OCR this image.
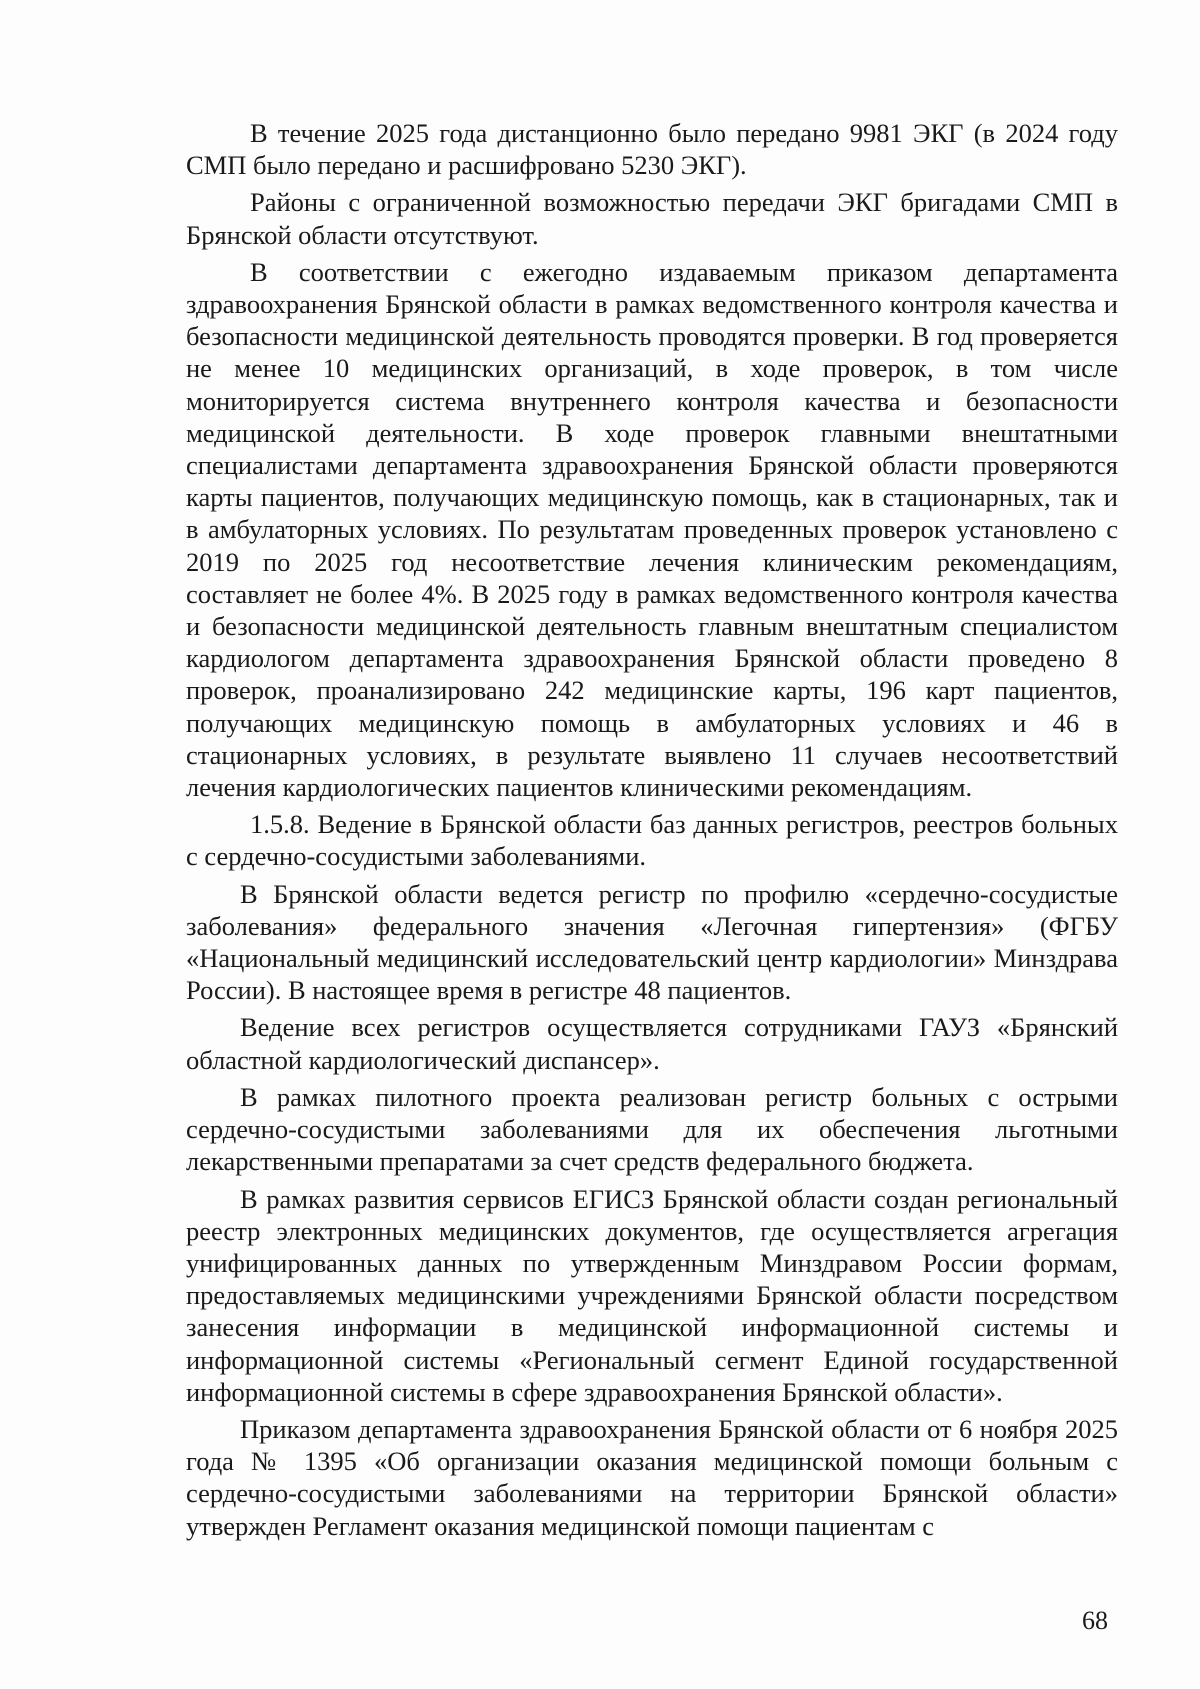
В течение 2025 года дистанционно было передано 9981 ЭКГ (в 2024 году СМП было передано и расшифровано 5230 ЭКГ).

Районы с ограниченной возможностью передачи ЭКГ бригадами СМП в Брянской области отсутствуют.

В соответствии с ежегодно издаваемым приказом департамента здравоохранения Брянской области в рамках ведомственного контроля качества и безопасности медицинской деятельность проводятся проверки. В год проверяется не менее 10 медицинских организаций, в ходе проверок, в том числе мониторируется система внутреннего контроля качества и безопасности медицинской деятельности. В ходе проверок главными внештатными специалистами департамента здравоохранения Брянской области проверяются карты пациентов, получающих медицинскую помощь, как в стационарных, так и в амбулаторных условиях. По результатам проведенных проверок установлено с 2019 по 2025 год несоответствие лечения клиническим рекомендациям, составляет не более 4%. В 2025 году в рамках ведомственного контроля качества и безопасности медицинской деятельность главным внештатным специалистом кардиологом департамента здравоохранения Брянской области проведено 8 проверок, проанализировано 242 медицинские карты, 196 карт пациентов, получающих медицинскую помощь в амбулаторных условиях и 46 в стационарных условиях, в результате выявлено 11 случаев несоответствий лечения кардиологических пациентов клиническими рекомендациям.

1.5.8. Ведение в Брянской области баз данных регистров, реестров больных с сердечно-сосудистыми заболеваниями.

В Брянской области ведется регистр по профилю «сердечно-сосудистые заболевания» федерального значения «Легочная гипертензия» (ФГБУ «Национальный медицинский исследовательский центр кардиологии» Минздрава России). В настоящее время в регистре 48 пациентов.

Ведение всех регистров осуществляется сотрудниками ГАУЗ «Брянский областной кардиологический диспансер».

В рамках пилотного проекта реализован регистр больных с острыми сердечно-сосудистыми заболеваниями для их обеспечения льготными лекарственными препаратами за счет средств федерального бюджета.

В рамках развития сервисов ЕГИСЗ Брянской области создан региональный реестр электронных медицинских документов, где осуществляется агрегация унифицированных данных по утвержденным Минздравом России формам, предоставляемых медицинскими учреждениями Брянской области посредством занесения информации в медицинской информационной системы и информационной системы «Региональный сегмент Единой государственной информационной системы в сфере здравоохранения Брянской области».

Приказом департамента здравоохранения Брянской области от 6 ноября 2025 года № 1395 «Об организации оказания медицинской помощи больным с сердечно-сосудистыми заболеваниями на территории Брянской области» утвержден Регламент оказания медицинской помощи пациентам с

68
